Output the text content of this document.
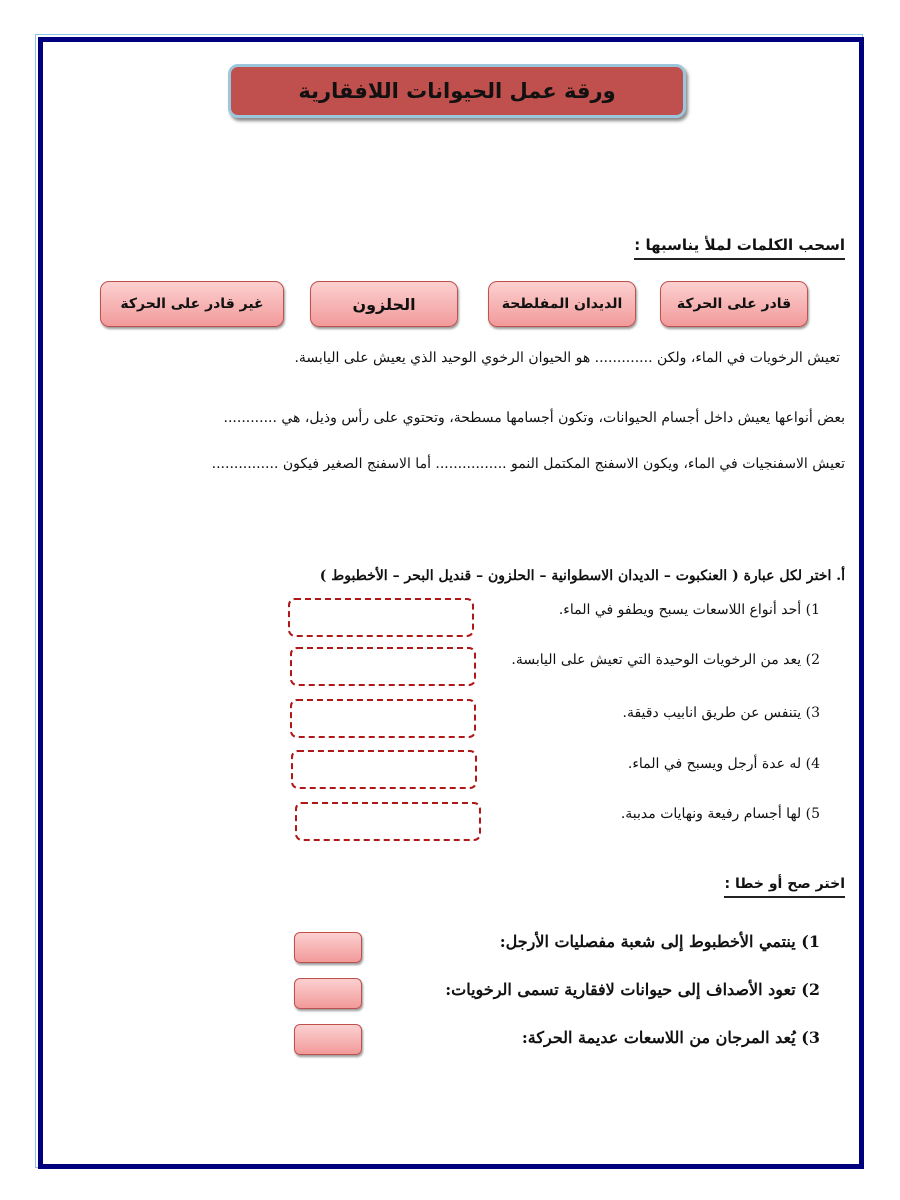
ورقة عمل الحيوانات اللافقارية
اسحب الكلمات لملأ يناسبها :
قادر على الحركة
الديدان المفلطحة
الحلزون
غير قادر على الحركة
تعيش الرخويات في الماء، ولكن ............. هو الحيوان الرخوي الوحيد الذي يعيش على اليابسة.
بعض أنواعها يعيش داخل أجسام الحيوانات، وتكون أجسامها مسطحة، وتحتوي على رأس وذيل، هي ............
تعيش الاسفنجيات في الماء، ويكون الاسفنج المكتمل النمو ................ أما الاسفنج الصغير فيكون ...............
أ. اختر لكل عبارة ( العنكبوت – الديدان الاسطوانية – الحلزون – قنديل البحر – الأخطبوط )
1) أحد أنواع اللاسعات يسبح ويطفو في الماء.
2) يعد من الرخويات الوحيدة التي تعيش على اليابسة.
3) يتنفس عن طريق انابيب دقيقة.
4) له عدة أرجل ويسبح في الماء.
5) لها أجسام رفيعة ونهايات مدببة.
اختر صح أو خطا :
1) ينتمي الأخطبوط إلى شعبة مفصليات الأرجل:
2) تعود الأصداف إلى حيوانات لافقارية تسمى الرخويات:
3) يُعد المرجان من اللاسعات عديمة الحركة:
